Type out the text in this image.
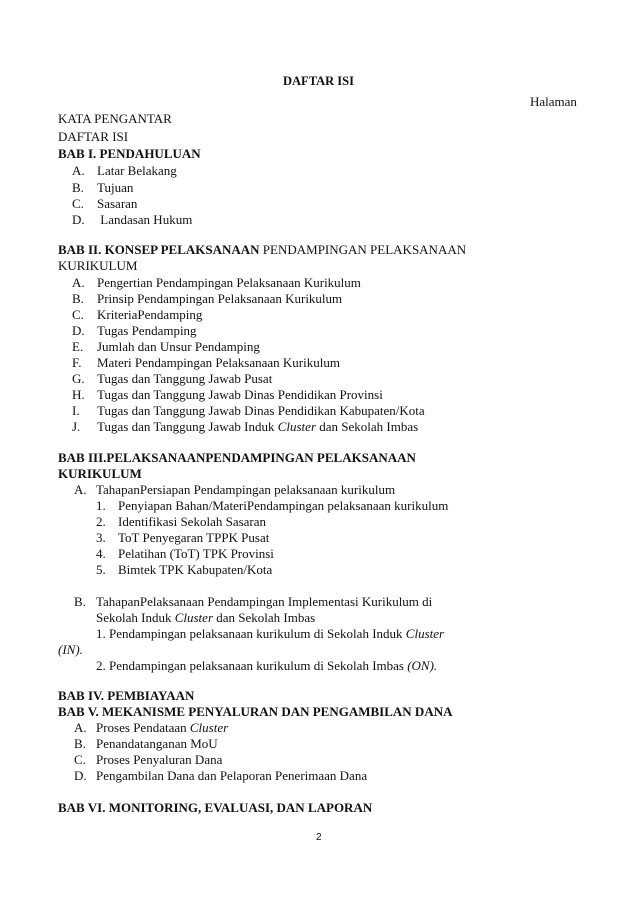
DAFTAR ISI
Halaman
KATA PENGANTAR
DAFTAR ISI
BAB I. PENDAHULUAN
A. Latar Belakang
B. Tujuan
C. Sasaran
D. Landasan Hukum
BAB II. KONSEP PELAKSANAAN PENDAMPINGAN PELAKSANAAN
KURIKULUM
A. Pengertian Pendampingan Pelaksanaan Kurikulum
B. Prinsip Pendampingan Pelaksanaan Kurikulum
C. KriteriaPendamping
D. Tugas Pendamping
E. Jumlah dan Unsur Pendamping
F. Materi Pendampingan Pelaksanaan Kurikulum
G. Tugas dan Tanggung Jawab Pusat
H. Tugas dan Tanggung Jawab Dinas Pendidikan Provinsi
I. Tugas dan Tanggung Jawab Dinas Pendidikan Kabupaten/Kota
J. Tugas dan Tanggung Jawab Induk Cluster dan Sekolah Imbas
BAB III.PELAKSANAANPENDAMPINGAN PELAKSANAAN
KURIKULUM
A. TahapanPersiapan Pendampingan pelaksanaan kurikulum
1. Penyiapan Bahan/MateriPendampingan pelaksanaan kurikulum
2. Identifikasi Sekolah Sasaran
3. ToT Penyegaran TPPK Pusat
4. Pelatihan (ToT) TPK Provinsi
5. Bimtek TPK Kabupaten/Kota
B. TahapanPelaksanaan Pendampingan Implementasi Kurikulum di
Sekolah Induk Cluster dan Sekolah Imbas
1. Pendampingan pelaksanaan kurikulum di Sekolah Induk Cluster
(IN).
2. Pendampingan pelaksanaan kurikulum di Sekolah Imbas (ON).
BAB IV. PEMBIAYAAN
BAB V. MEKANISME PENYALURAN DAN PENGAMBILAN DANA
A. Proses Pendataan Cluster
B. Penandatanganan MoU
C. Proses Penyaluran Dana
D. Pengambilan Dana dan Pelaporan Penerimaan Dana
BAB VI. MONITORING, EVALUASI, DAN LAPORAN
2
